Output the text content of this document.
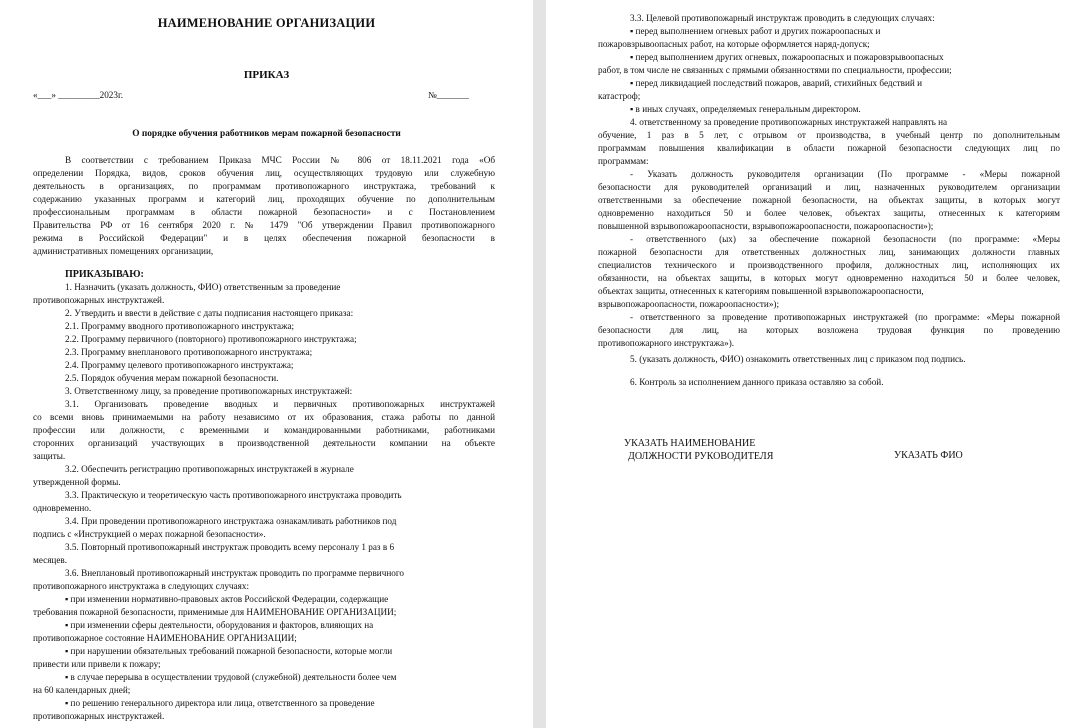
НАИМЕНОВАНИЕ ОРГАНИЗАЦИИ
ПРИКАЗ
«___» _________2023г.	№_______
О порядке обучения работников мерам пожарной безопасности
В соответствии с требованием Приказа МЧС России № 806 от 18.11.2021 года «Об
определении Порядка, видов, сроков обучения лиц, осуществляющих трудовую или служебную
деятельность в организациях, по программам противопожарного инструктажа, требований к
содержанию указанных программ и категорий лиц, проходящих обучение по дополнительным
профессиональным программам в области пожарной безопасности» и с Постановлением
Правительства РФ от 16 сентября 2020 г. № 1479 "Об утверждении Правил противопожарного
режима в Российской Федерации" и в целях обеспечения пожарной безопасности в
административных помещениях организации,
ПРИКАЗЫВАЮ:
1. Назначить (указать должность, ФИО) ответственным за проведение
противопожарных инструктажей.
2. Утвердить и ввести в действие с даты подписания настоящего приказа:
2.1. Программу вводного противопожарного инструктажа;
2.2. Программу первичного (повторного) противопожарного инструктажа;
2.3. Программу внепланового противопожарного инструктажа;
2.4. Программу целевого противопожарного инструктажа;
2.5. Порядок обучения мерам пожарной безопасности.
3. Ответственному лицу, за проведение противопожарных инструктажей:
3.1. Организовать проведение вводных и первичных противопожарных инструктажей
со всеми вновь принимаемыми на работу независимо от их образования, стажа работы по данной
профессии или должности, с временными и командированными работниками, работниками
сторонних организаций участвующих в производственной деятельности компании на объекте
защиты.
3.2. Обеспечить регистрацию противопожарных инструктажей в журнале
утвержденной формы.
3.3. Практическую и теоретическую часть противопожарного инструктажа проводить
одновременно.
3.4. При проведении противопожарного инструктажа ознакамливать работников под
подпись с «Инструкцией о мерах пожарной безопасности».
3.5. Повторный противопожарный инструктаж проводить всему персоналу 1 раз в 6
месяцев.
3.6. Внеплановый противопожарный инструктаж проводить по программе первичного
противопожарного инструктажа в следующих случаях:
▪ при изменении нормативно-правовых актов Российской Федерации, содержащие
требования пожарной безопасности, применимые для НАИМЕНОВАНИЕ ОРГАНИЗАЦИИ;
▪ при изменении сферы деятельности, оборудования и факторов, влияющих на
противопожарное состояние НАИМЕНОВАНИЕ ОРГАНИЗАЦИИ;
▪ при нарушении обязательных требований пожарной безопасности, которые могли
привести или привели к пожару;
▪ в случае перерыва в осуществлении трудовой (служебной) деятельности более чем
на 60 календарных дней;
▪ по решению генерального директора или лица, ответственного за проведение
противопожарных инструктажей.
3.3. Целевой противопожарный инструктаж проводить в следующих случаях:
▪ перед выполнением огневых работ и других пожароопасных и
пожаровзрывоопасных работ, на которые оформляется наряд-допуск;
▪ перед выполнением других огневых, пожароопасных и пожаровзрывоопасных
работ, в том числе не связанных с прямыми обязанностями по специальности, профессии;
▪ перед ликвидацией последствий пожаров, аварий, стихийных бедствий и
катастроф;
▪ в иных случаях, определяемых генеральным директором.
4. ответственному за проведение противопожарных инструктажей направлять на
обучение, 1 раз в 5 лет, с отрывом от производства, в учебный центр по дополнительным
программам повышения квалификации в области пожарной безопасности следующих лиц по
программам:
- Указать должность руководителя организации (По программе - «Меры пожарной
безопасности для руководителей организаций и лиц, назначенных руководителем организации
ответственными за обеспечение пожарной безопасности, на объектах защиты, в которых могут
одновременно находиться 50 и более человек, объектах защиты, отнесенных к категориям
повышенной взрывопожароопасности, взрывопожароопасности, пожароопасности»);
- ответственного (ых) за обеспечение пожарной безопасности (по программе: «Меры
пожарной безопасности для ответственных должностных лиц, занимающих должности главных
специалистов технического и производственного профиля, должностных лиц, исполняющих их
обязанности, на объектах защиты, в которых могут одновременно находиться 50 и более человек,
объектах защиты, отнесенных к категориям повышенной взрывопожароопасности,
взрывопожароопасности, пожароопасности»);
- ответственного за проведение противопожарных инструктажей (по программе: «Меры пожарной
безопасности для лиц, на которых возложена трудовая функция по проведению
противопожарного инструктажа»).
5. (указать должность, ФИО) ознакомить ответственных лиц с приказом под подпись.
6. Контроль за исполнением данного приказа оставляю за собой.
УКАЗАТЬ НАИМЕНОВАНИЕ
ДОЛЖНОСТИ РУКОВОДИТЕЛЯ	УКАЗАТЬ ФИО
